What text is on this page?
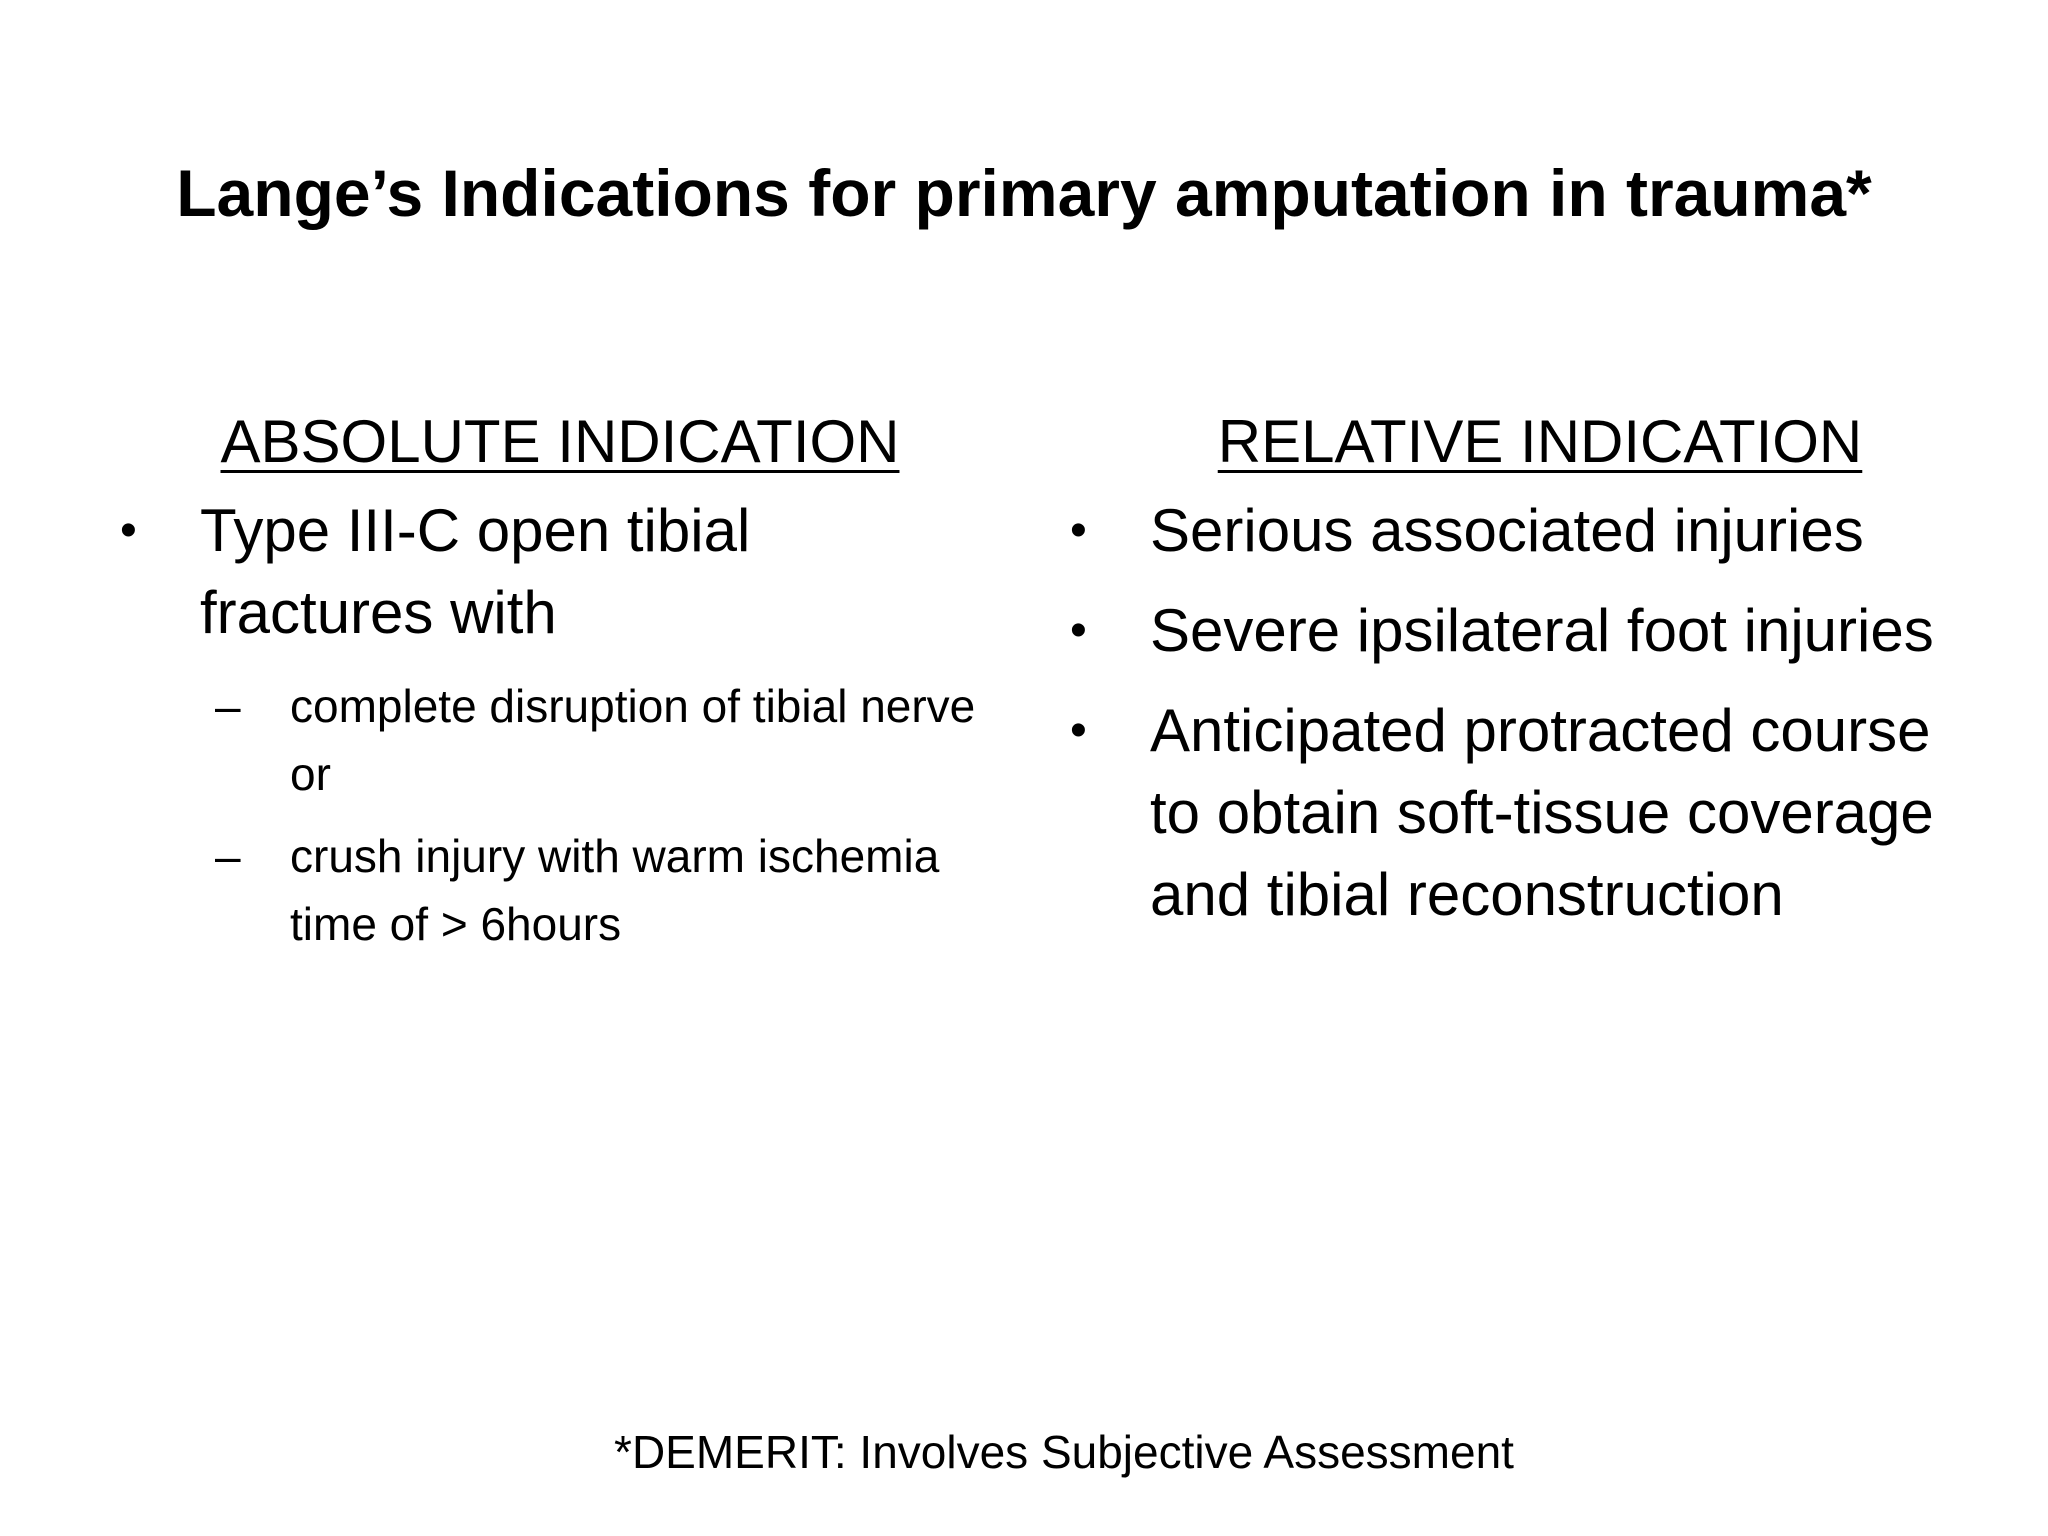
Lange’s Indications for primary amputation in trauma*
ABSOLUTE INDICATION
• Type III-C open tibial fractures with
– complete disruption of tibial nerve or
– crush injury with warm ischemia time of > 6hours
RELATIVE INDICATION
• Serious associated injuries
• Severe ipsilateral foot injuries
• Anticipated protracted course to obtain soft-tissue coverage and tibial reconstruction
*DEMERIT: Involves Subjective Assessment
